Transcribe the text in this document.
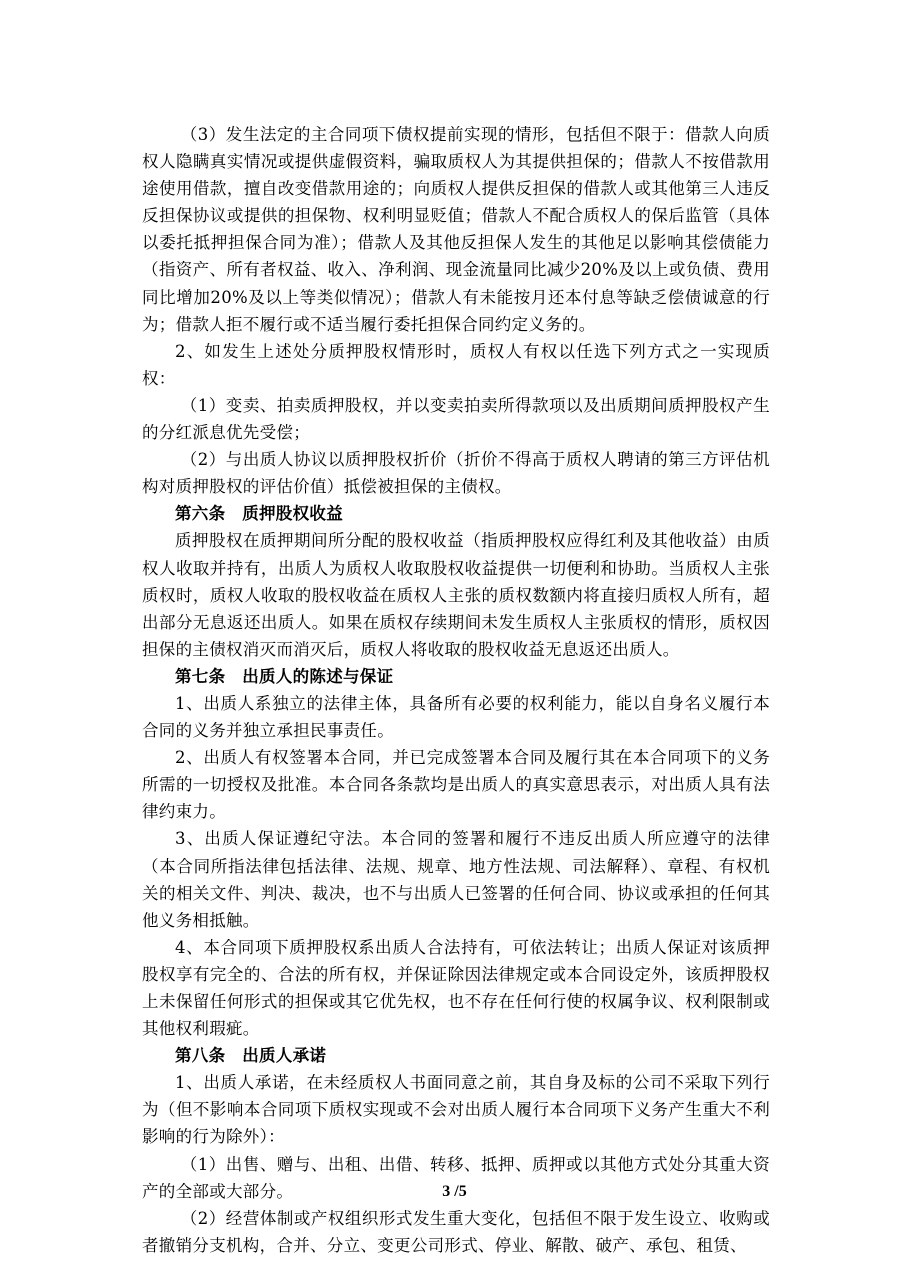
（3）发生法定的主合同项下债权提前实现的情形，包括但不限于：借款人向质权人隐瞒真实情况或提供虚假资料，骗取质权人为其提供担保的；借款人不按借款用途使用借款，擅自改变借款用途的；向质权人提供反担保的借款人或其他第三人违反反担保协议或提供的担保物、权利明显贬值；借款人不配合质权人的保后监管（具体以委托抵押担保合同为准）；借款人及其他反担保人发生的其他足以影响其偿债能力（指资产、所有者权益、收入、净利润、现金流量同比减少20%及以上或负债、费用同比增加20%及以上等类似情况）；借款人有未能按月还本付息等缺乏偿债诚意的行为；借款人拒不履行或不适当履行委托担保合同约定义务的。

2、如发生上述处分质押股权情形时，质权人有权以任选下列方式之一实现质权：

（1）变卖、拍卖质押股权，并以变卖拍卖所得款项以及出质期间质押股权产生的分红派息优先受偿；

（2）与出质人协议以质押股权折价（折价不得高于质权人聘请的第三方评估机构对质押股权的评估价值）抵偿被担保的主债权。

第六条　质押股权收益

质押股权在质押期间所分配的股权收益（指质押股权应得红利及其他收益）由质权人收取并持有，出质人为质权人收取股权收益提供一切便利和协助。当质权人主张质权时，质权人收取的股权收益在质权人主张的质权数额内将直接归质权人所有，超出部分无息返还出质人。如果在质权存续期间未发生质权人主张质权的情形，质权因担保的主债权消灭而消灭后，质权人将收取的股权收益无息返还出质人。

第七条　出质人的陈述与保证

1、出质人系独立的法律主体，具备所有必要的权利能力，能以自身名义履行本合同的义务并独立承担民事责任。

2、出质人有权签署本合同，并已完成签署本合同及履行其在本合同项下的义务所需的一切授权及批准。本合同各条款均是出质人的真实意思表示，对出质人具有法律约束力。

3、出质人保证遵纪守法。本合同的签署和履行不违反出质人所应遵守的法律（本合同所指法律包括法律、法规、规章、地方性法规、司法解释）、章程、有权机关的相关文件、判决、裁决，也不与出质人已签署的任何合同、协议或承担的任何其他义务相抵触。

4、本合同项下质押股权系出质人合法持有，可依法转让；出质人保证对该质押股权享有完全的、合法的所有权，并保证除因法律规定或本合同设定外，该质押股权上未保留任何形式的担保或其它优先权，也不存在任何行使的权属争议、权利限制或其他权利瑕疵。

第八条　出质人承诺

1、出质人承诺，在未经质权人书面同意之前，其自身及标的公司不采取下列行为（但不影响本合同项下质权实现或不会对出质人履行本合同项下义务产生重大不利影响的行为除外）：

（1）出售、赠与、出租、出借、转移、抵押、质押或以其他方式处分其重大资产的全部或大部分。

（2）经营体制或产权组织形式发生重大变化，包括但不限于发生设立、收购或者撤销分支机构，合并、分立、变更公司形式、停业、解散、破产、承包、租赁、

3 /5
